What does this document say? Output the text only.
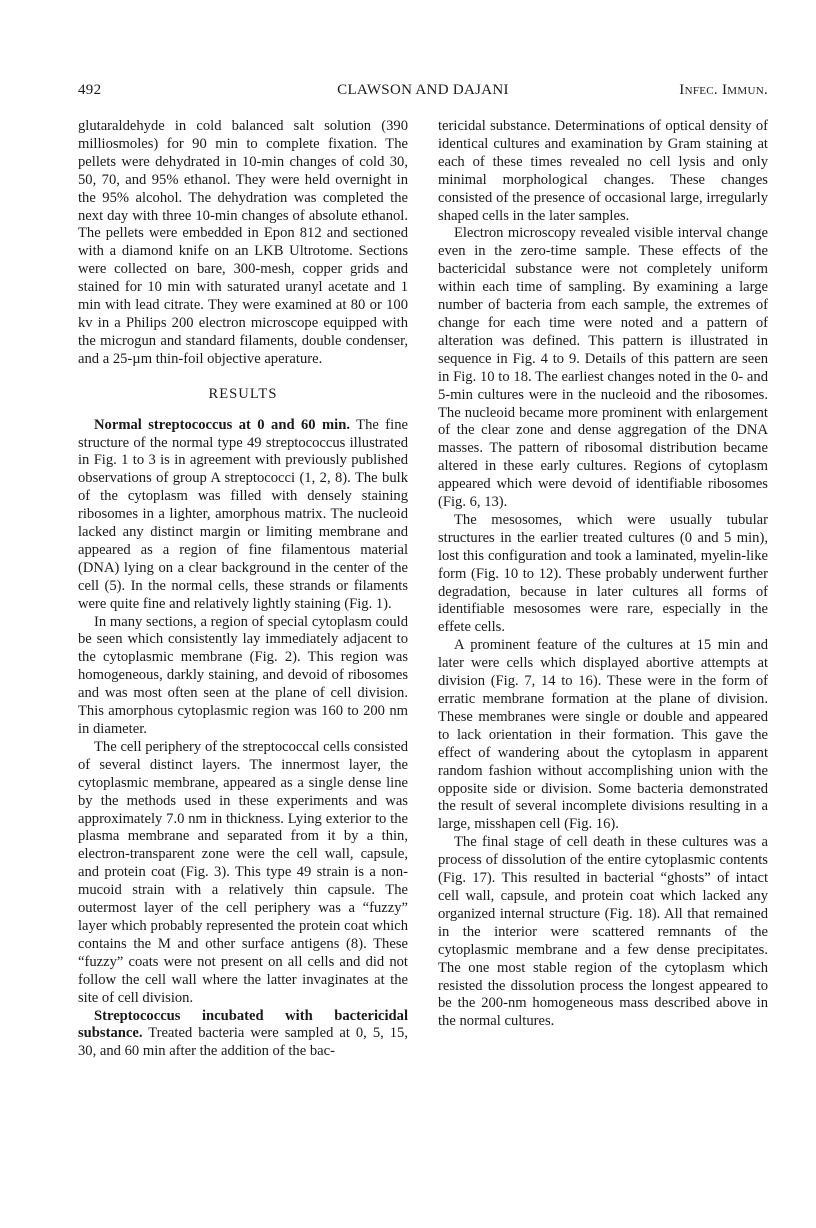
CLAWSON AND DAJANI
492	Infec. Immun.

glutaraldehyde in cold balanced salt solution (390 milliosmoles) for 90 min to complete fixation. The pellets were dehydrated in 10-min changes of cold 30, 50, 70, and 95% ethanol. They were held overnight in the 95% alcohol. The dehydration was completed the next day with three 10-min changes of absolute ethanol. The pellets were embedded in Epon 812 and sectioned with a diamond knife on an LKB Ultrotome. Sections were collected on bare, 300-mesh, copper grids and stained for 10 min with saturated uranyl acetate and 1 min with lead citrate. They were examined at 80 or 100 kv in a Philips 200 electron microscope equipped with the microgun and standard filaments, double condenser, and a 25-µm thin-foil objective aperature.

RESULTS

Normal streptococcus at 0 and 60 min. The fine structure of the normal type 49 streptococcus illustrated in Fig. 1 to 3 is in agreement with previously published observations of group A streptococci (1, 2, 8). The bulk of the cytoplasm was filled with densely staining ribosomes in a lighter, amorphous matrix. The nucleoid lacked any distinct margin or limiting membrane and appeared as a region of fine filamentous material (DNA) lying on a clear background in the center of the cell (5). In the normal cells, these strands or filaments were quite fine and relatively lightly staining (Fig. 1).

In many sections, a region of special cytoplasm could be seen which consistently lay immediately adjacent to the cytoplasmic membrane (Fig. 2). This region was homogeneous, darkly staining, and devoid of ribosomes and was most often seen at the plane of cell division. This amorphous cytoplasmic region was 160 to 200 nm in diameter.

The cell periphery of the streptococcal cells consisted of several distinct layers. The innermost layer, the cytoplasmic membrane, appeared as a single dense line by the methods used in these experiments and was approximately 7.0 nm in thickness. Lying exterior to the plasma membrane and separated from it by a thin, electron-transparent zone were the cell wall, capsule, and protein coat (Fig. 3). This type 49 strain is a non-mucoid strain with a relatively thin capsule. The outermost layer of the cell periphery was a “fuzzy” layer which probably represented the protein coat which contains the M and other surface antigens (8). These “fuzzy” coats were not present on all cells and did not follow the cell wall where the latter invaginates at the site of cell division.

Streptococcus incubated with bactericidal substance. Treated bacteria were sampled at 0, 5, 15, 30, and 60 min after the addition of the bac-

tericidal substance. Determinations of optical density of identical cultures and examination by Gram staining at each of these times revealed no cell lysis and only minimal morphological changes. These changes consisted of the presence of occasional large, irregularly shaped cells in the later samples.

Electron microscopy revealed visible interval change even in the zero-time sample. These effects of the bactericidal substance were not completely uniform within each time of sampling. By examining a large number of bacteria from each sample, the extremes of change for each time were noted and a pattern of alteration was defined. This pattern is illustrated in sequence in Fig. 4 to 9. Details of this pattern are seen in Fig. 10 to 18. The earliest changes noted in the 0- and 5-min cultures were in the nucleoid and the ribosomes. The nucleoid became more prominent with enlargement of the clear zone and dense aggregation of the DNA masses. The pattern of ribosomal distribution became altered in these early cultures. Regions of cytoplasm appeared which were devoid of identifiable ribosomes (Fig. 6, 13).

The mesosomes, which were usually tubular structures in the earlier treated cultures (0 and 5 min), lost this configuration and took a laminated, myelin-like form (Fig. 10 to 12). These probably underwent further degradation, because in later cultures all forms of identifiable mesosomes were rare, especially in the effete cells.

A prominent feature of the cultures at 15 min and later were cells which displayed abortive attempts at division (Fig. 7, 14 to 16). These were in the form of erratic membrane formation at the plane of division. These membranes were single or double and appeared to lack orientation in their formation. This gave the effect of wandering about the cytoplasm in apparent random fashion without accomplishing union with the opposite side or division. Some bacteria demonstrated the result of several incomplete divisions resulting in a large, misshapen cell (Fig. 16).

The final stage of cell death in these cultures was a process of dissolution of the entire cytoplasmic contents (Fig. 17). This resulted in bacterial “ghosts” of intact cell wall, capsule, and protein coat which lacked any organized internal structure (Fig. 18). All that remained in the interior were scattered remnants of the cytoplasmic membrane and a few dense precipitates. The one most stable region of the cytoplasm which resisted the dissolution process the longest appeared to be the 200-nm homogeneous mass described above in the normal cultures.
